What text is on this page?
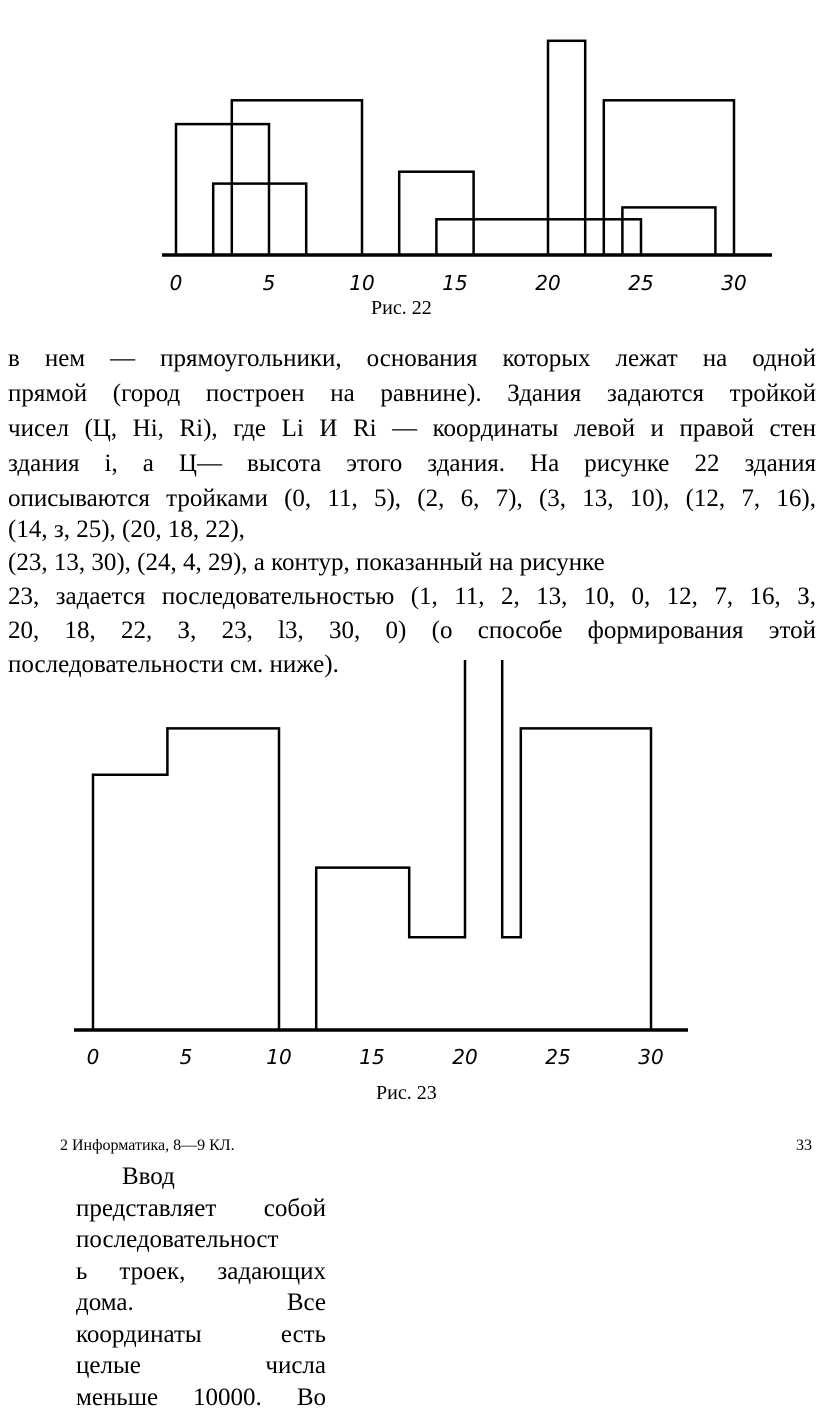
0	5	10	15	20	25	30
Рис. 22
в нем — прямоугольники, основания которых лежат на одной
прямой (город построен на равнине). Здания задаются тройкой
чисел (Ц, Hi, Ri), где Li И Ri — координаты левой и правой стен
здания i, а Ц— высота этого здания. На рисунке 22 здания
описываются тройками (0, 11, 5), (2, 6, 7), (3, 13, 10), (12, 7, 16),
(14, з, 25), (20, 18, 22),
(23, 13, 30), (24, 4, 29), а контур, показанный на рисунке
23, задается последовательностью (1, 11, 2, 13, 10, 0, 12, 7, 16, З,
20, 18, 22, З, 23, l3, 30, 0) (о способе формирования этой
последовательности см. ниже).
0	5	10	15	20	25	30
Рис. 23
2 Информатика, 8—9 КЛ.	33
Ввод
представляет собой
последовательност
ь троек, задающих
дома. Все
координаты есть
целые числа
меньше 10000. Во
